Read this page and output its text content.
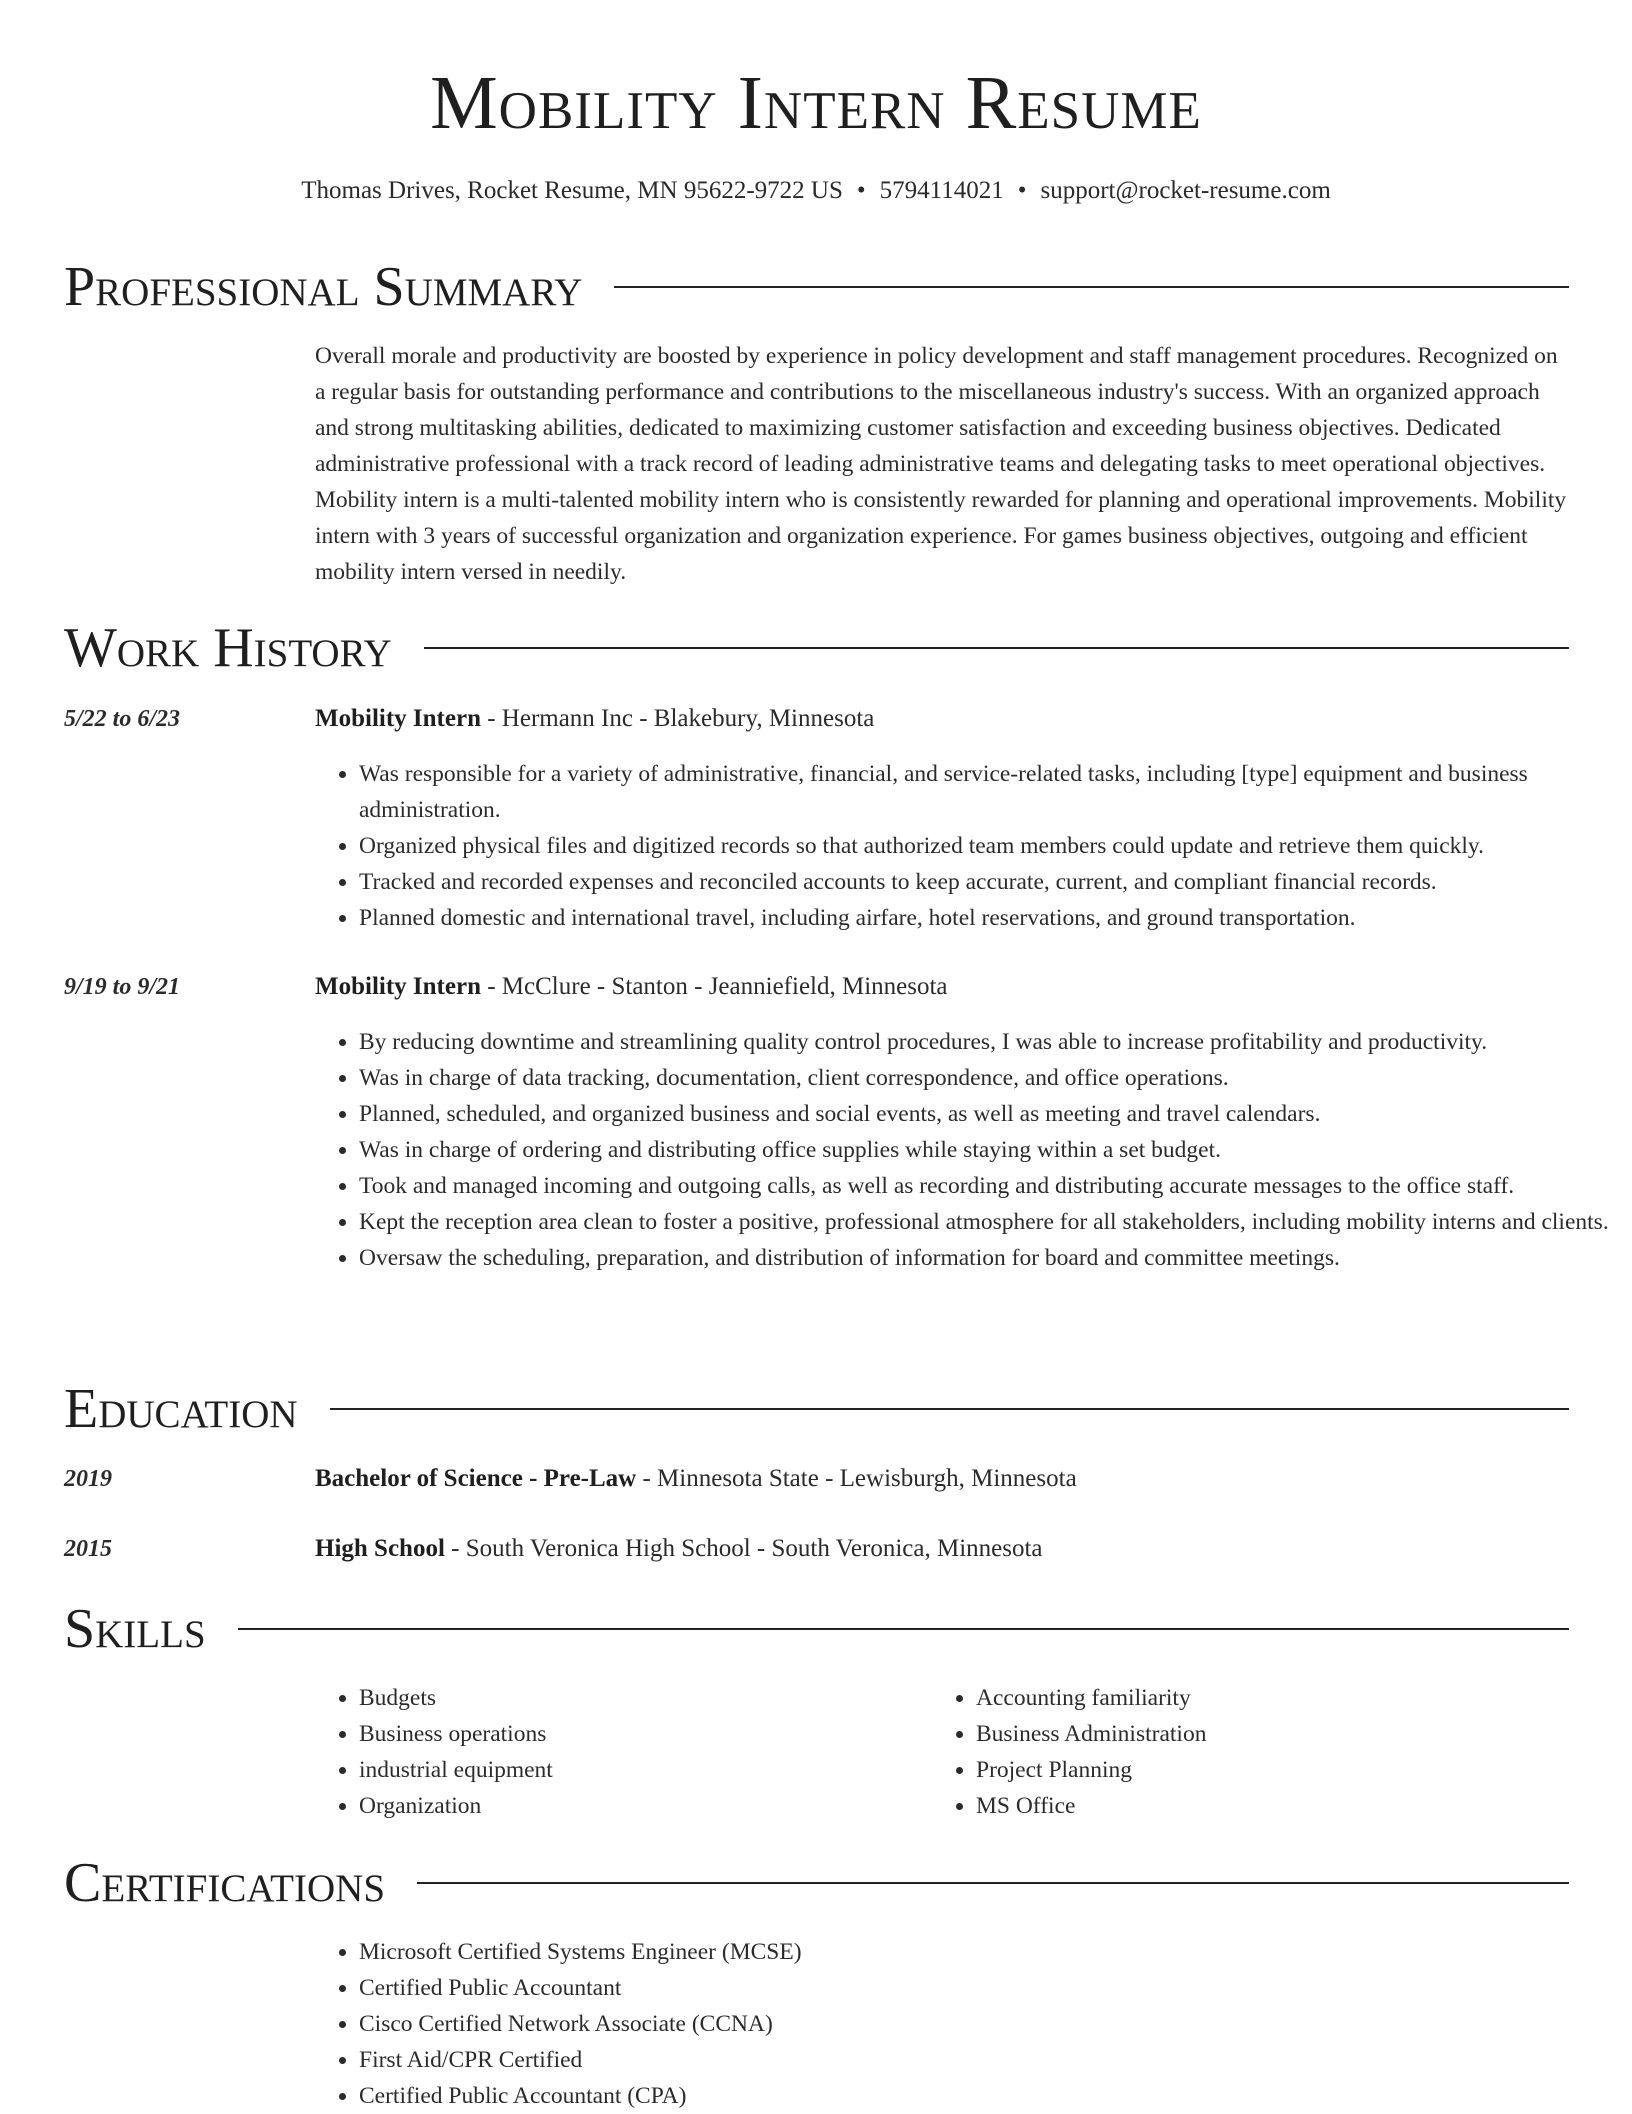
Mobility Intern Resume
Thomas Drives, Rocket Resume, MN 95622-9722 US • 5794114021 • support@rocket-resume.com
Professional Summary
Overall morale and productivity are boosted by experience in policy development and staff management procedures. Recognized on a regular basis for outstanding performance and contributions to the miscellaneous industry's success. With an organized approach and strong multitasking abilities, dedicated to maximizing customer satisfaction and exceeding business objectives. Dedicated administrative professional with a track record of leading administrative teams and delegating tasks to meet operational objectives. Mobility intern is a multi-talented mobility intern who is consistently rewarded for planning and operational improvements. Mobility intern with 3 years of successful organization and organization experience. For games business objectives, outgoing and efficient mobility intern versed in needily.
Work History
5/22 to 6/23	Mobility Intern - Hermann Inc - Blakebury, Minnesota
• Was responsible for a variety of administrative, financial, and service-related tasks, including [type] equipment and business administration.
• Organized physical files and digitized records so that authorized team members could update and retrieve them quickly.
• Tracked and recorded expenses and reconciled accounts to keep accurate, current, and compliant financial records.
• Planned domestic and international travel, including airfare, hotel reservations, and ground transportation.
9/19 to 9/21	Mobility Intern - McClure - Stanton - Jeanniefield, Minnesota
• By reducing downtime and streamlining quality control procedures, I was able to increase profitability and productivity.
• Was in charge of data tracking, documentation, client correspondence, and office operations.
• Planned, scheduled, and organized business and social events, as well as meeting and travel calendars.
• Was in charge of ordering and distributing office supplies while staying within a set budget.
• Took and managed incoming and outgoing calls, as well as recording and distributing accurate messages to the office staff.
• Kept the reception area clean to foster a positive, professional atmosphere for all stakeholders, including mobility interns and clients.
• Oversaw the scheduling, preparation, and distribution of information for board and committee meetings.
Education
2019	Bachelor of Science - Pre-Law - Minnesota State - Lewisburgh, Minnesota
2015	High School - South Veronica High School - South Veronica, Minnesota
Skills
• Budgets
• Business operations
• industrial equipment
• Organization
• Accounting familiarity
• Business Administration
• Project Planning
• MS Office
Certifications
• Microsoft Certified Systems Engineer (MCSE)
• Certified Public Accountant
• Cisco Certified Network Associate (CCNA)
• First Aid/CPR Certified
• Certified Public Accountant (CPA)
